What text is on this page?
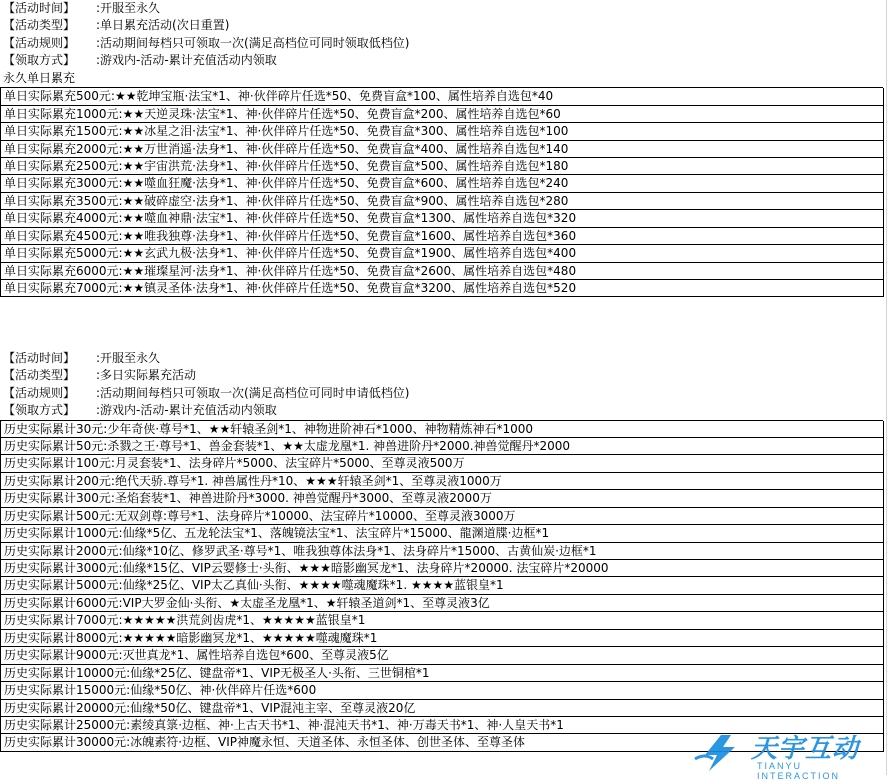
【活动时间】 :开服至永久
【活动类型】 :单日累充活动(次日重置)
【活动规则】 :活动期间每档只可领取一次(满足高档位可同时领取低档位)
【领取方式】 :游戏内-活动-累计充值活动内领取
永久单日累充
单日实际累充500元:★★乾坤宝瓶·法宝*1、神·伙伴碎片任选*50、免费盲盒*100、属性培养自选包*40
单日实际累充1000元:★★天逆灵珠·法宝*1、神·伙伴碎片任选*50、免费盲盒*200、属性培养自选包*60
单日实际累充1500元:★★冰星之泪·法宝*1、神·伙伴碎片任选*50、免费盲盒*300、属性培养自选包*100
单日实际累充2000元:★★万世消遥·法身*1、神·伙伴碎片任选*50、免费盲盒*400、属性培养自选包*140
单日实际累充2500元:★★宇宙洪荒·法身*1、神·伙伴碎片任选*50、免费盲盒*500、属性培养自选包*180
单日实际累充3000元:★★噬血狂魔·法身*1、神·伙伴碎片任选*50、免费盲盒*600、属性培养自选包*240
单日实际累充3500元:★★破碎虚空·法身*1、神·伙伴碎片任选*50、免费盲盒*900、属性培养自选包*280
单日实际累充4000元:★★噬血神鼎·法宝*1、神·伙伴碎片任选*50、免费盲盒*1300、属性培养自选包*320
单日实际累充4500元:★★唯我独尊·法身*1、神·伙伴碎片任选*50、免费盲盒*1600、属性培养自选包*360
单日实际累充5000元:★★玄武九极·法身*1、神·伙伴碎片任选*50、免费盲盒*1900、属性培养自选包*400
单日实际累充6000元:★★璀璨星河·法身*1、神·伙伴碎片任选*50、免费盲盒*2600、属性培养自选包*480
单日实际累充7000元:★★镇灵圣体·法身*1、神·伙伴碎片任选*50、免费盲盒*3200、属性培养自选包*520
【活动时间】 :开服至永久
【活动类型】 :多日实际累充活动
【活动规则】 :活动期间每档只可领取一次(满足高档位可同时申请低档位)
【领取方式】 :游戏内-活动-累计充值活动内领取
历史实际累计30元:少年奇侠·尊号*1、★★轩辕圣剑*1、神物进阶神石*1000、神物精炼神石*1000
历史实际累计50元:杀戮之王·尊号*1、兽金套装*1、★★太虚龙凰*1. 神兽进阶丹*2000.神兽觉醒丹*2000
历史实际累计100元:月灵套装*1、法身碎片*5000、法宝碎片*5000、至尊灵液500万
历史实际累计200元:绝代天骄.尊号*1. 神兽属性丹*10、★★★轩辕圣剑*1、至尊灵液1000万
历史实际累计300元:圣焰套装*1、神兽进阶丹*3000. 神兽觉醒丹*3000、至尊灵液2000万
历史实际累计500元:无双剑尊:尊号*1、法身碎片*10000、法宝碎片*10000、至尊灵液3000万
历史实际累计1000元:仙缘*5亿、五龙轮法宝*1、落魄镜法宝*1、法宝碎片*15000、龍渊道牒·边框*1
历史实际累计2000元:仙缘*10亿、修罗武圣·尊号*1、唯我独尊体法身*1、法身碎片*15000、古黄仙炭·边框*1
历史实际累计3000元:仙缘*15亿、VIP云婴修士·头衔、★★★暗影幽冥龙*1、法身碎片*20000. 法宝碎片*20000
历史实际累计5000元:仙缘*25亿、VIP太乙真仙·头衔、★★★★噬魂魔珠*1. ★★★★蓝银皇*1
历史实际累计6000元:VIP大罗金仙·头衔、★太虚圣龙凰*1、★轩辕圣道剑*1、至尊灵液3亿
历史实际累计7000元:★★★★★洪荒剑齿虎*1、★★★★★蓝银皇*1
历史实际累计8000元:★★★★★暗影幽冥龙*1、★★★★★噬魂魔珠*1
历史实际累计9000元:灭世真龙*1、属性培养自选包*600、至尊灵液5亿
历史实际累计10000元:仙缘*25亿、键盘帝*1、VIP无极圣人·头衔、三世铜棺*1
历史实际累计15000元:仙缘*50亿、神·伙伴碎片任选*600
历史实际累计20000元:仙缘*50亿、键盘帝*1、VIP混沌主宰、至尊灵液20亿
历史实际累计25000元:素绫真箓·边框、神·上古天书*1、神·混沌天书*1、神·万毒天书*1、神·人皇天书*1
历史实际累计30000元:冰魄素符·边框、VIP神魔永恒、天道圣体、永恒圣体、创世圣体、至尊圣体	天宇互动
TIANYU INTERACTION
